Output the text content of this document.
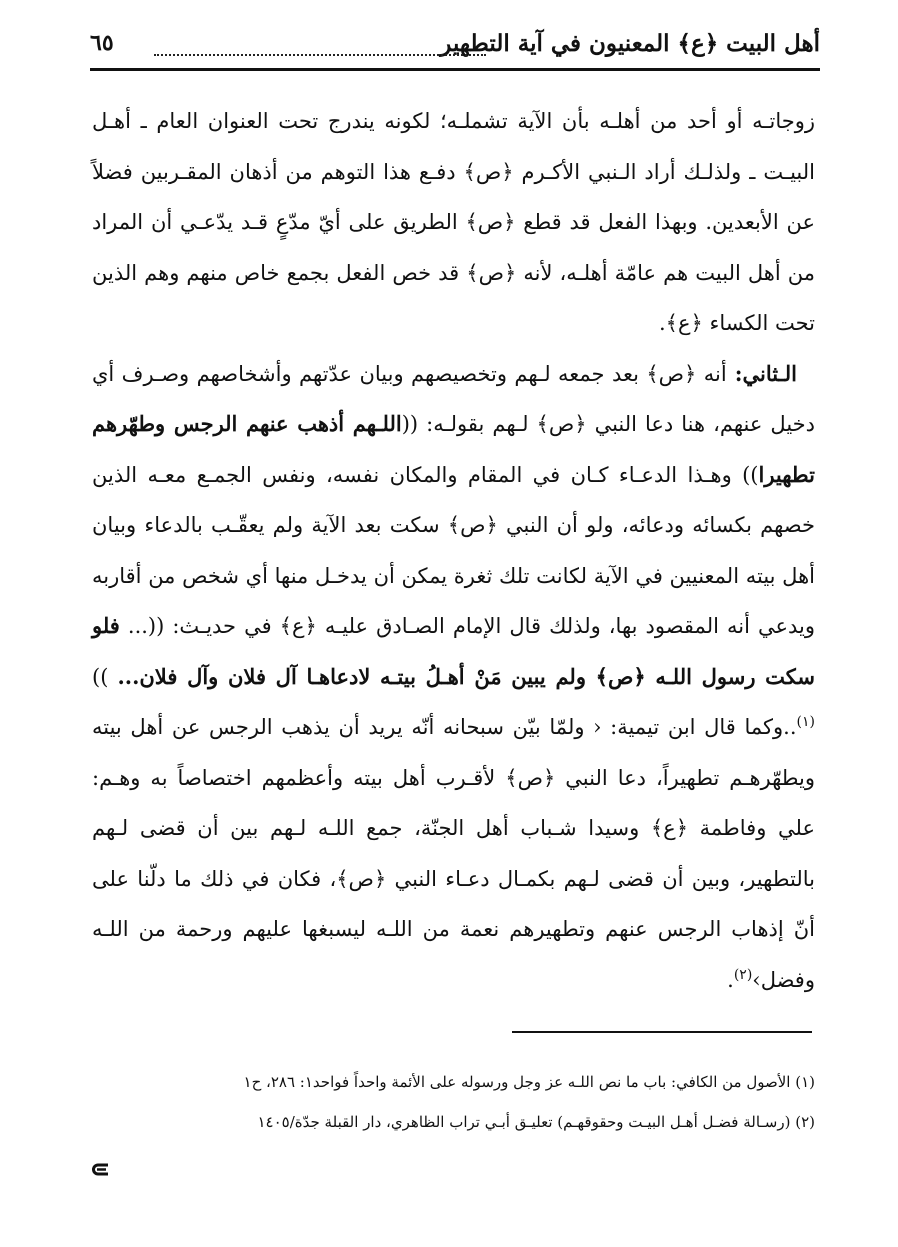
أهل البيت ﴿ع﴾ المعنيون في آية التطهير
٦٥

زوجاتـه أو أحد من أهلـه بأن الآية تشملـه؛ لكونه يندرج تحت العنوان العام ـ أهـل البيـت ـ ولذلـك أراد الـنبي الأكـرم ﴿ص﴾ دفـع هذا التوهم من أذهان المقـربين فضلاً عن الأبعدين. وبهذا الفعل قد قطع ﴿ص﴾ الطريق على أيّ مدّعٍ قـد يدّعـي أن المراد من أهل البيت هم عامّة أهلـه، لأنه ﴿ص﴾ قد خص الفعل بجمع خاص منهم وهم الذين تحت الكساء ﴿ع﴾.

الـثاني: أنه ﴿ص﴾ بعد جمعه لـهم وتخصيصهم وبيان عدّتهم وأشخاصهم وصـرف أي دخيل عنهم، هنا دعا النبي ﴿ص﴾ لـهم بقولـه: ((اللـهم أذهب عنهم الرجس وطهّرهم تطهيرا)) وهـذا الدعـاء كـان في المقام والمكان نفسه، ونفس الجمـع معـه الذين خصهم بكسائه ودعائه، ولو أن النبي ﴿ص﴾ سكت بعد الآية ولم يعقّـب بالدعاء وبيان أهل بيته المعنيين في الآية لكانت تلك ثغرة يمكن أن يدخـل منها أي شخص من أقاربه ويدعي أنه المقصود بها، ولذلك قال الإمام الصـادق عليـه ﴿ع﴾ في حديـث: ((... فلو سكت رسول اللـه ﴿ص﴾ ولم يبين مَنْ أهـلُ بيتـه لادعاهـا آل فلان وآل فلان... )) $^{(١)}$..وكما قال ابن تيمية: ‹ ولمّا بيّن سبحانه أنّه يريد أن يذهب الرجس عن أهل بيته ويطهّرهـم تطهيراً، دعا النبي ﴿ص﴾ لأقـرب أهل بيته وأعظمهم اختصاصاً به وهـم: علي وفاطمة ﴿ع﴾ وسيدا شـباب أهل الجنّة، جمع اللـه لـهم بين أن قضى لـهم بالتطهير، وبين أن قضى لـهم بكمـال دعـاء النبي ﴿ص﴾، فكان في ذلك ما دلّنا على أنّ إذهاب الرجس عنهم وتطهيرهم نعمة من اللـه ليسبغها عليهم ورحمة من اللـه وفضل›$^{(٢)}$.

(١) الأصول من الكافي: باب ما نص اللـه عز وجل ورسوله على الأئمة واحداً فواحد١: ٢٨٦، ح١
(٢) (رسـالة فضـل أهـل البيـت وحقوقهـم) تعليـق أبـي تراب الظاهري، دار القبلة جدّة/١٤٠٥
